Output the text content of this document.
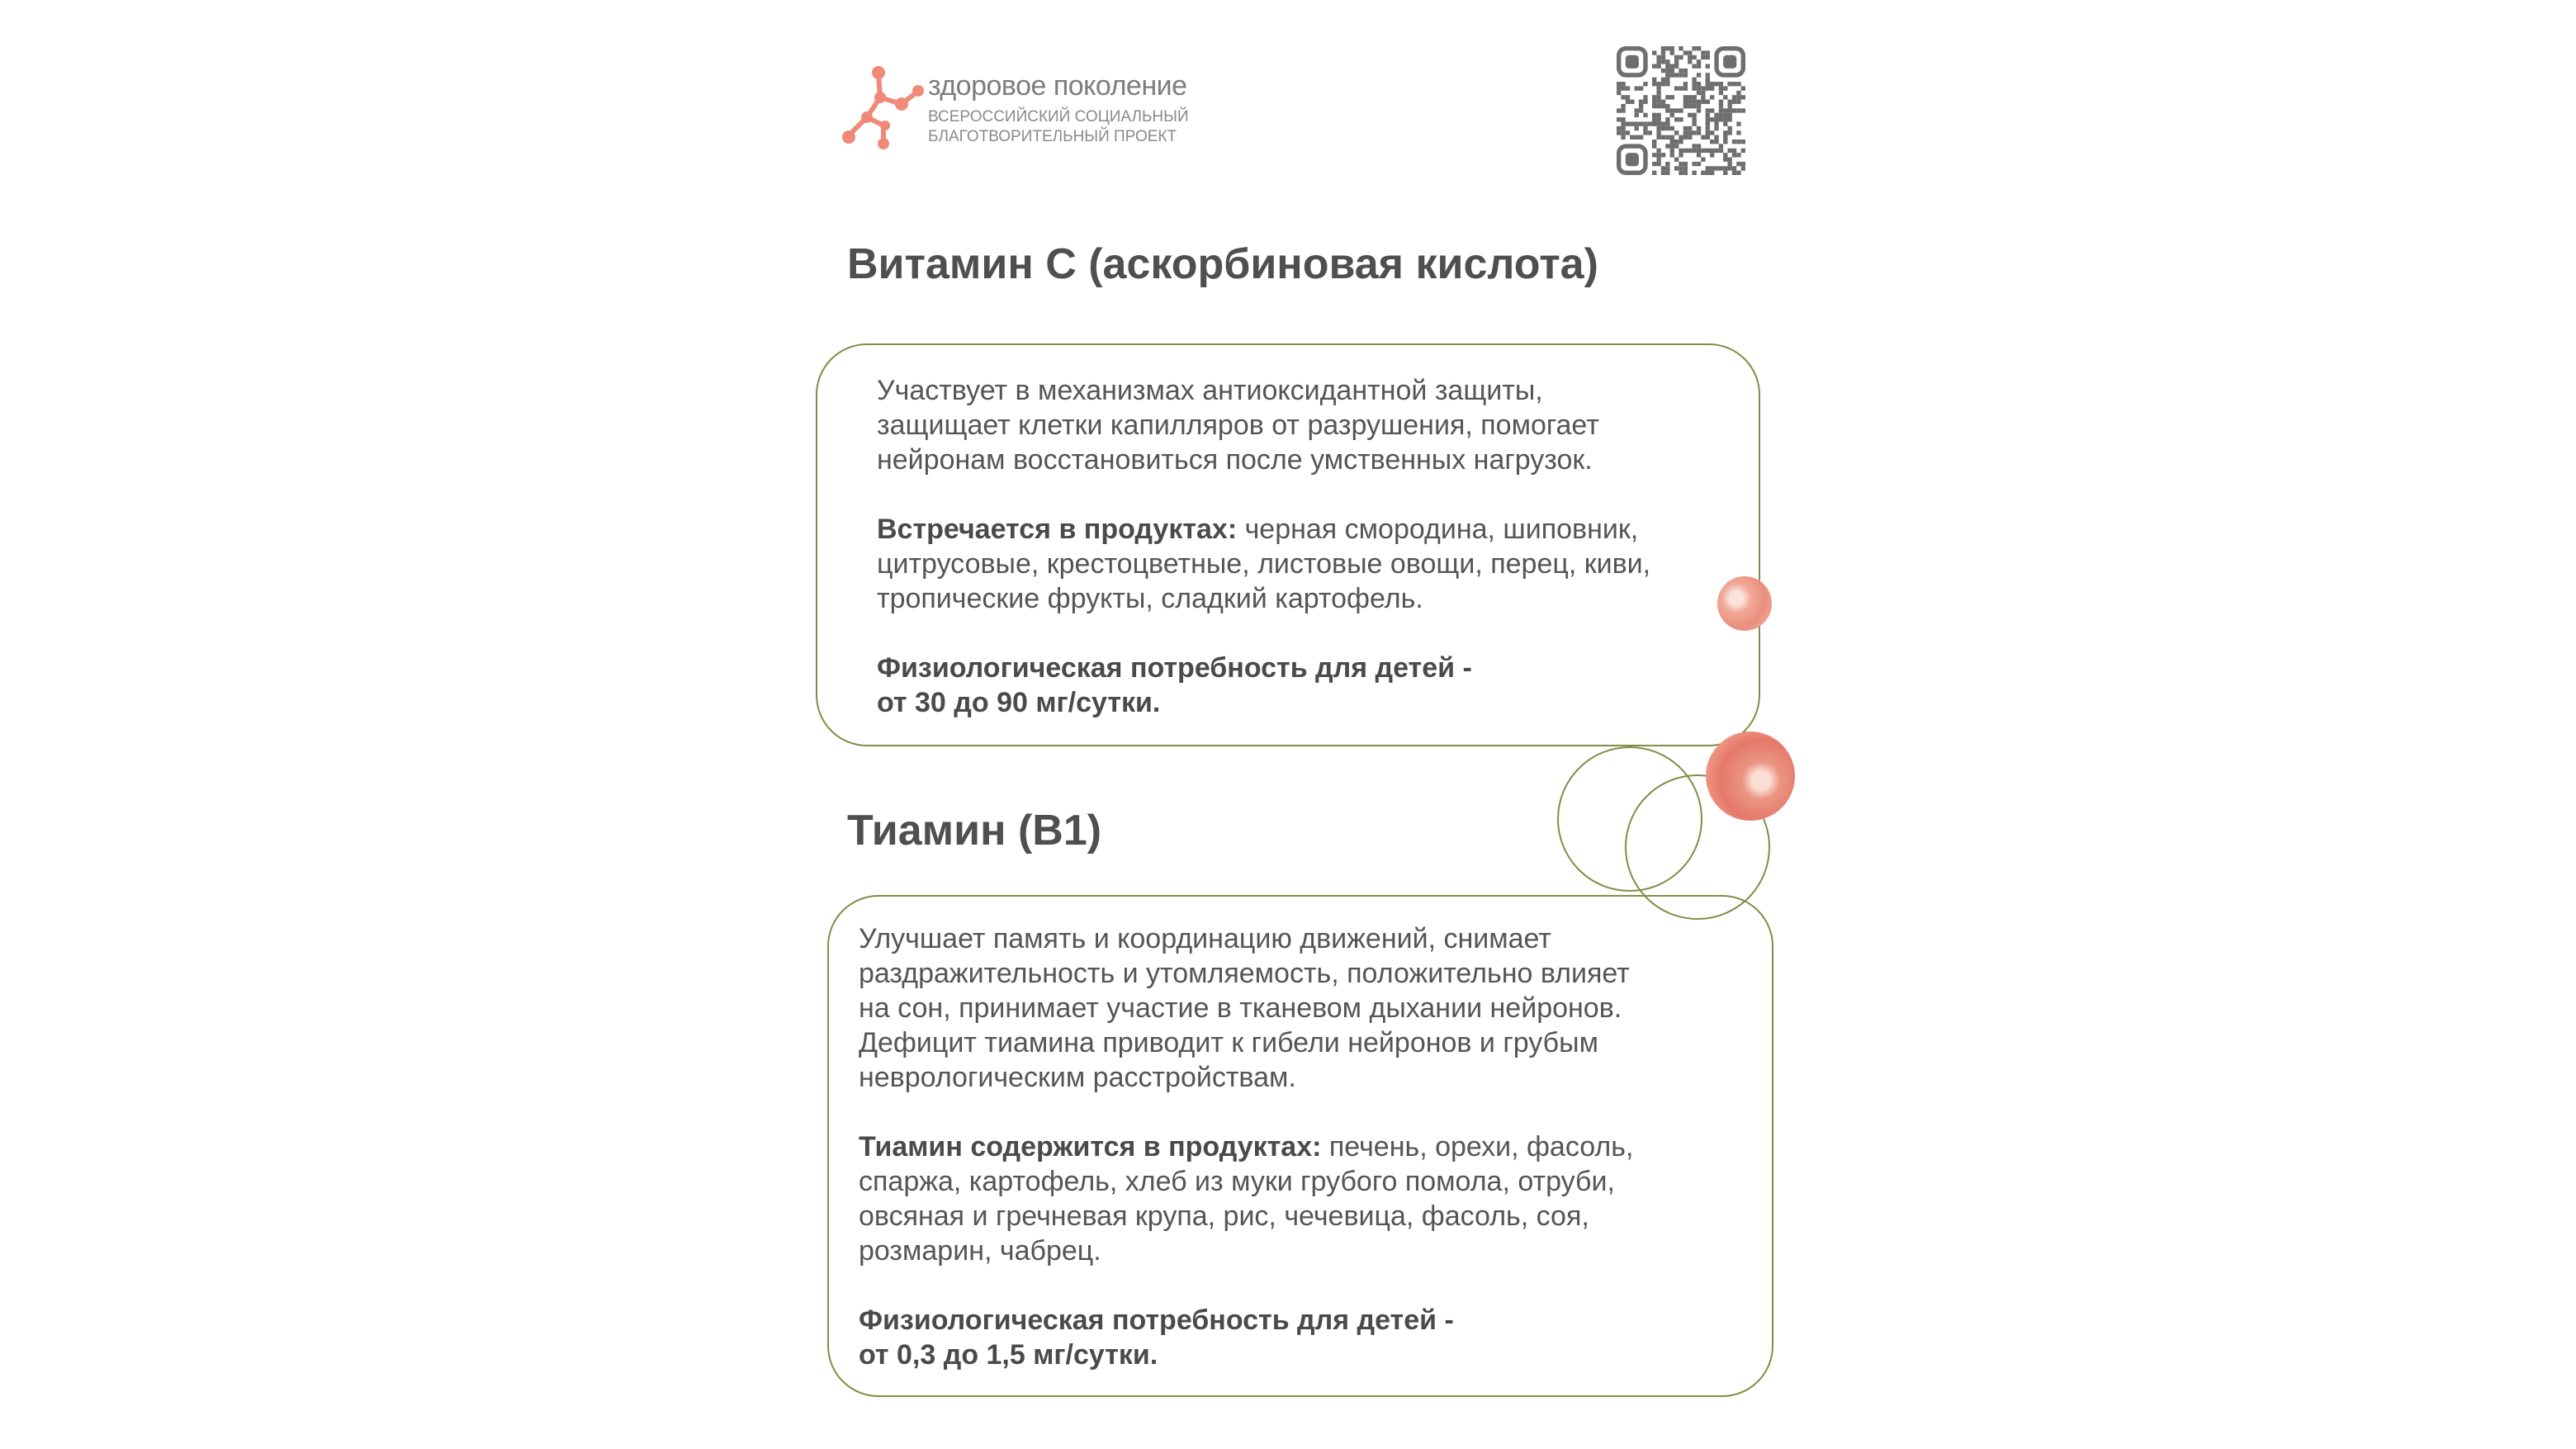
здоровое поколение
ВСЕРОССИЙСКИЙ СОЦИАЛЬНЫЙ
БЛАГОТВОРИТЕЛЬНЫЙ ПРОЕКТ
Витамин С (аскорбиновая кислота)

Участвует в механизмах антиоксидантной защиты,
защищает клетки капилляров от разрушения, помогает
нейронам восстановиться после умственных нагрузок.

Встречается в продуктах: черная смородина, шиповник,
цитрусовые, крестоцветные, листовые овощи, перец, киви,
тропические фрукты, сладкий картофель.

Физиологическая потребность для детей -
от 30 до 90 мг/сутки.

Тиамин (В1)

Улучшает память и координацию движений, снимает
раздражительность и утомляемость, положительно влияет
на сон, принимает участие в тканевом дыхании нейронов.
Дефицит тиамина приводит к гибели нейронов и грубым
неврологическим расстройствам.

Тиамин содержится в продуктах: печень, орехи, фасоль,
спаржа, картофель, хлеб из муки грубого помола, отруби,
овсяная и гречневая крупа, рис, чечевица, фасоль, соя,
розмарин, чабрец.

Физиологическая потребность для детей -
от 0,3 до 1,5 мг/сутки.
